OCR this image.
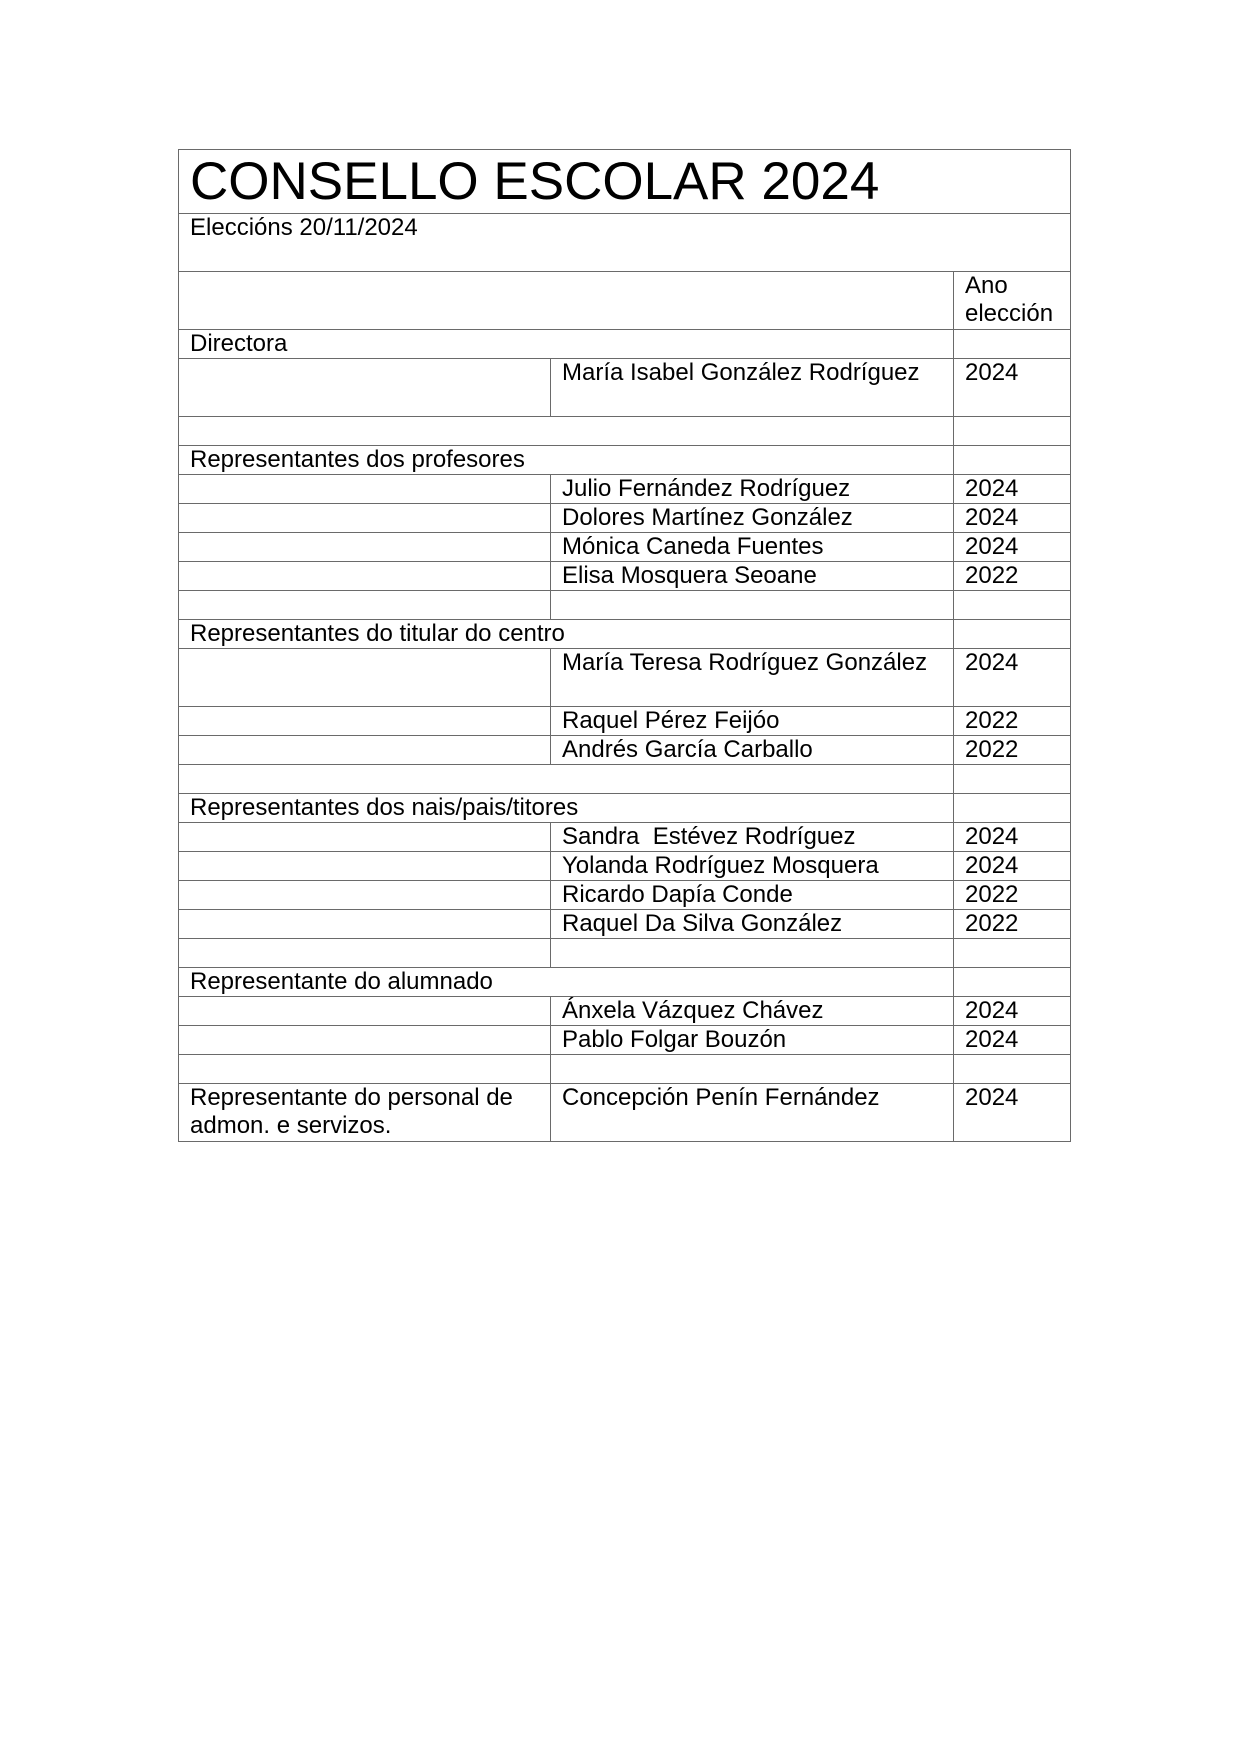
CONSELLO ESCOLAR 2024		
Eleccións 20/11/2024		
		Ano elección
Directora		
	María Isabel González Rodríguez	2024

Representantes dos profesores		
	Julio Fernández Rodríguez	2024
	Dolores Martínez González	2024
	Mónica Caneda Fuentes	2024
	Elisa Mosquera Seoane	2022

Representantes do titular do centro		
	María Teresa Rodríguez González	2024
	Raquel Pérez Feijóo	2022
	Andrés García Carballo	2022

Representantes dos nais/pais/titores		
	Sandra  Estévez Rodríguez	2024
	Yolanda Rodríguez Mosquera	2024
	Ricardo Dapía Conde	2022
	Raquel Da Silva González	2022

Representante do alumnado		
	Ánxela Vázquez Chávez	2024
	Pablo Folgar Bouzón	2024

Representante do personal de admon. e servizos.	Concepción Penín Fernández	2024
